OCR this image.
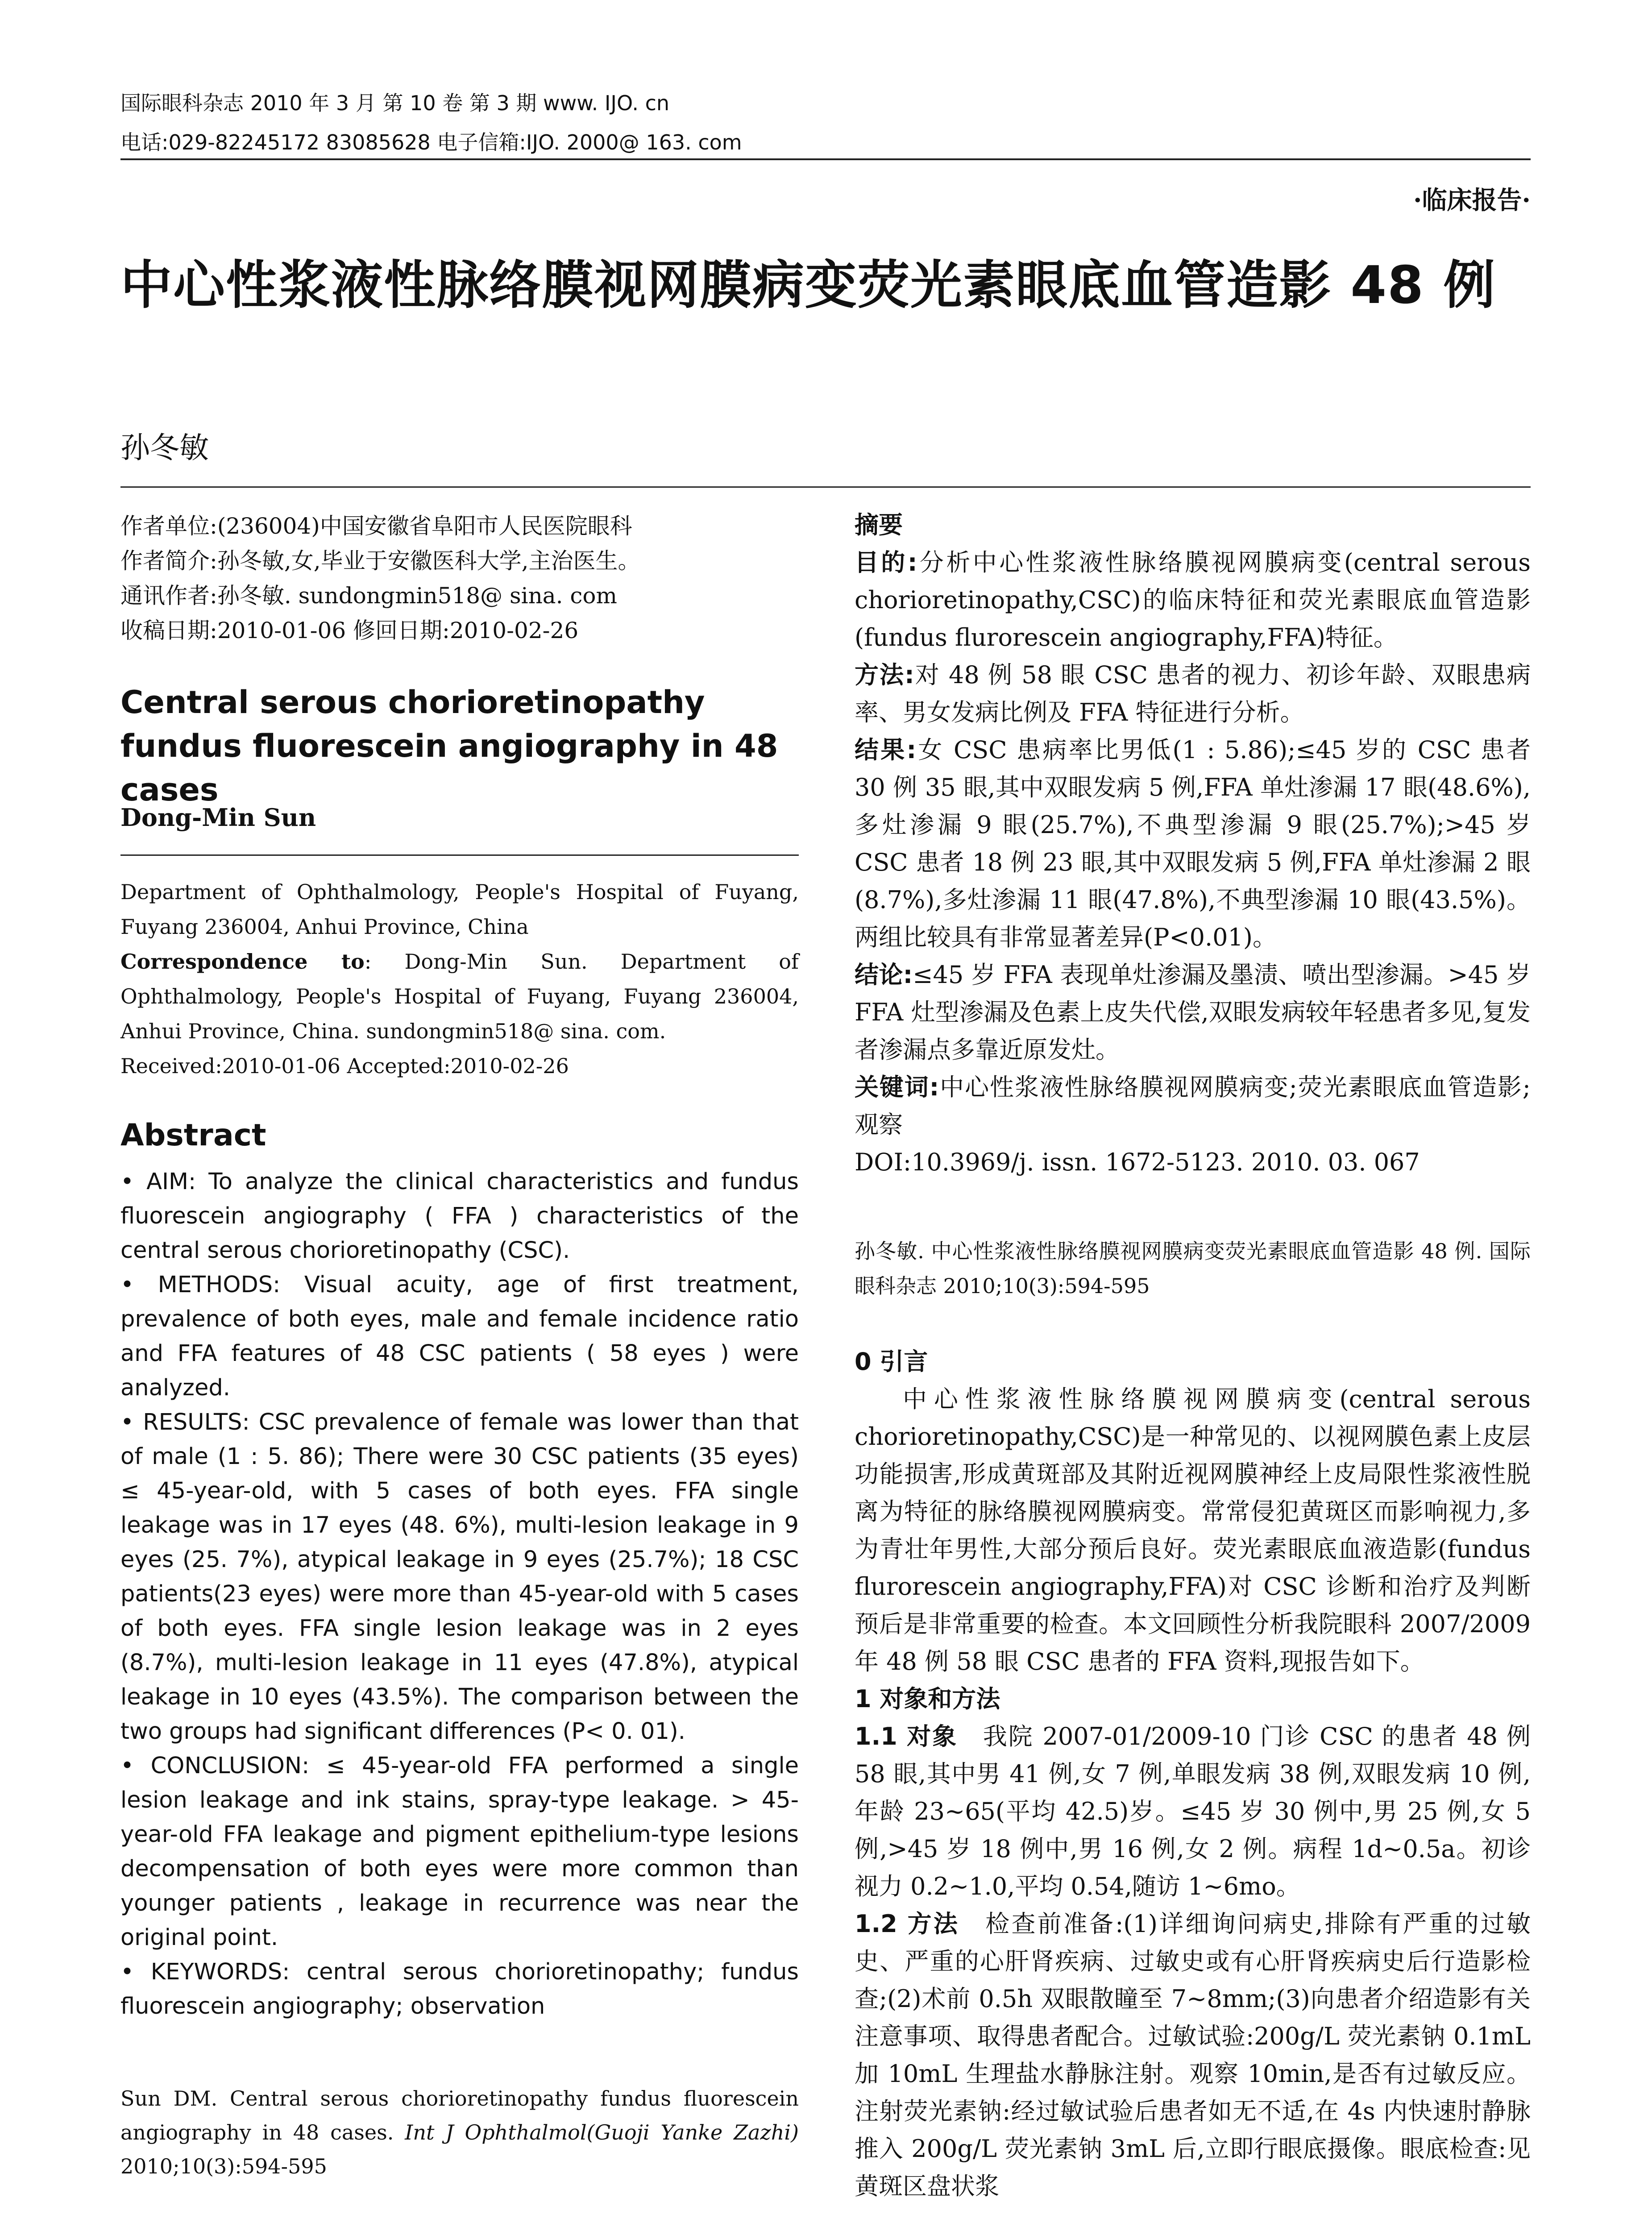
国际眼科杂志 2010 年 3 月 第 10 卷 第 3 期 www. IJO. cn
电话:029-82245172 83085628 电子信箱:IJO. 2000@ 163. com
·临床报告·
中心性浆液性脉络膜视网膜病变荧光素眼底血管造影 48 例
孙冬敏

作者单位:(236004)中国安徽省阜阳市人民医院眼科

作者简介:孙冬敏,女,毕业于安徽医科大学,主治医生。

通讯作者:孙冬敏. sundongmin518@ sina. com

收稿日期:2010-01-06 修回日期:2010-02-26

Central serous chorioretinopathy fundus fluorescein angiography in 48 cases
Dong-Min Sun

Department of Ophthalmology, People's Hospital of Fuyang, Fuyang 236004, Anhui Province, China

Correspondence to: Dong-Min Sun. Department of Ophthalmology, People's Hospital of Fuyang, Fuyang 236004, Anhui Province, China. sundongmin518@ sina. com.

Received:2010-01-06 Accepted:2010-02-26

Abstract

• AIM: To analyze the clinical characteristics and fundus fluorescein angiography ( FFA ) characteristics of the central serous chorioretinopathy (CSC).

• METHODS: Visual acuity, age of first treatment, prevalence of both eyes, male and female incidence ratio and FFA features of 48 CSC patients ( 58 eyes ) were analyzed.

• RESULTS: CSC prevalence of female was lower than that of male (1 : 5. 86); There were 30 CSC patients (35 eyes) ≤ 45-year-old, with 5 cases of both eyes. FFA single leakage was in 17 eyes (48. 6%), multi-lesion leakage in 9 eyes (25. 7%), atypical leakage in 9 eyes (25.7%); 18 CSC patients(23 eyes) were more than 45-year-old with 5 cases of both eyes. FFA single lesion leakage was in 2 eyes (8.7%), multi-lesion leakage in 11 eyes (47.8%), atypical leakage in 10 eyes (43.5%). The comparison between the two groups had significant differences (P< 0. 01).

• CONCLUSION: ≤ 45-year-old FFA performed a single lesion leakage and ink stains, spray-type leakage. > 45-year-old FFA leakage and pigment epithelium-type lesions decompensation of both eyes were more common than younger patients , leakage in recurrence was near the original point.

• KEYWORDS: central serous chorioretinopathy; fundus fluorescein angiography; observation

Sun DM. Central serous chorioretinopathy fundus fluorescein angiography in 48 cases. Int J Ophthalmol(Guoji Yanke Zazhi) 2010;10(3):594-595

摘要

目的:分析中心性浆液性脉络膜视网膜病变(central serous chorioretinopathy,CSC)的临床特征和荧光素眼底血管造影(fundus flurorescein angiography,FFA)特征。

方法:对 48 例 58 眼 CSC 患者的视力、初诊年龄、双眼患病率、男女发病比例及 FFA 特征进行分析。

结果:女 CSC 患病率比男低(1 : 5.86);≤45 岁的 CSC 患者 30 例 35 眼,其中双眼发病 5 例,FFA 单灶渗漏 17 眼(48.6%),多灶渗漏 9 眼(25.7%),不典型渗漏 9 眼(25.7%);>45 岁 CSC 患者 18 例 23 眼,其中双眼发病 5 例,FFA 单灶渗漏 2 眼(8.7%),多灶渗漏 11 眼(47.8%),不典型渗漏 10 眼(43.5%)。两组比较具有非常显著差异(P<0.01)。

结论:≤45 岁 FFA 表现单灶渗漏及墨渍、喷出型渗漏。>45 岁 FFA 灶型渗漏及色素上皮失代偿,双眼发病较年轻患者多见,复发者渗漏点多靠近原发灶。

关键词:中心性浆液性脉络膜视网膜病变;荧光素眼底血管造影;观察

DOI:10.3969/j. issn. 1672-5123. 2010. 03. 067

孙冬敏. 中心性浆液性脉络膜视网膜病变荧光素眼底血管造影 48 例. 国际眼科杂志 2010;10(3):594-595

0 引言

中心性浆液性脉络膜视网膜病变(central serous chorioretinopathy,CSC)是一种常见的、以视网膜色素上皮层功能损害,形成黄斑部及其附近视网膜神经上皮局限性浆液性脱离为特征的脉络膜视网膜病变。常常侵犯黄斑区而影响视力,多为青壮年男性,大部分预后良好。荧光素眼底血液造影(fundus flurorescein angiography,FFA)对 CSC 诊断和治疗及判断预后是非常重要的检查。本文回顾性分析我院眼科 2007/2009 年 48 例 58 眼 CSC 患者的 FFA 资料,现报告如下。

1 对象和方法

1.1 对象　 我院 2007-01/2009-10 门诊 CSC 的患者 48 例 58 眼,其中男 41 例,女 7 例,单眼发病 38 例,双眼发病 10 例,年龄 23~65(平均 42.5)岁。≤45 岁 30 例中,男 25 例,女 5 例,>45 岁 18 例中,男 16 例,女 2 例。病程 1d~0.5a。初诊视力 0.2~1.0,平均 0.54,随访 1~6mo。

1.2 方法　 检查前准备:(1)详细询问病史,排除有严重的过敏史、严重的心肝肾疾病、过敏史或有心肝肾疾病史后行造影检查;(2)术前 0.5h 双眼散瞳至 7~8mm;(3)向患者介绍造影有关注意事项、取得患者配合。过敏试验:200g/L 荧光素钠 0.1mL 加 10mL 生理盐水静脉注射。观察 10min,是否有过敏反应。注射荧光素钠:经过敏试验后患者如无不适,在 4s 内快速肘静脉推入 200g/L 荧光素钠 3mL 后,立即行眼底摄像。眼底检查:见黄斑区盘状浆
